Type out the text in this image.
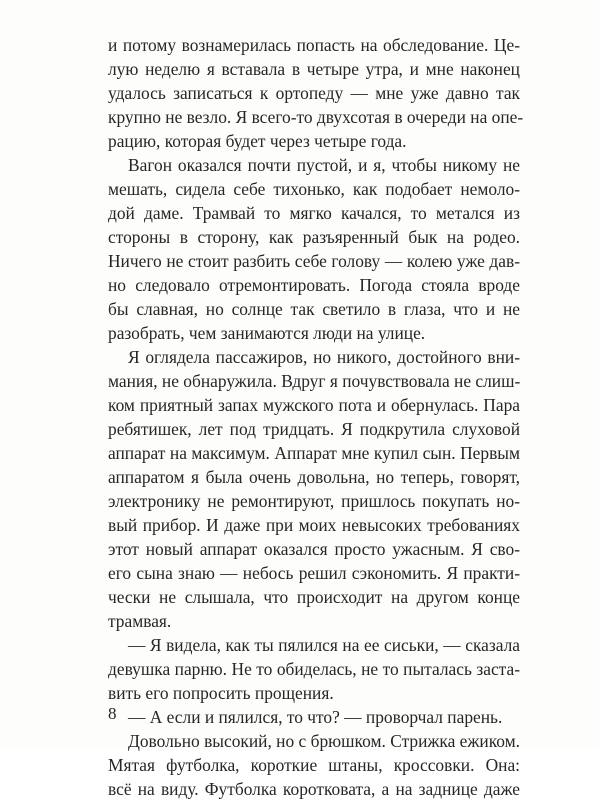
и потому вознамерилась попасть на обследование. Це-
лую неделю я вставала в четыре утра, и мне наконец
удалось записаться к ортопеду — мне уже давно так
крупно не везло. Я всего-то двухсотая в очереди на опе-
рацию, которая будет через четыре года.
Вагон оказался почти пустой, и я, чтобы никому не
мешать, сидела себе тихонько, как подобает немоло-
дой даме. Трамвай то мягко качался, то метался из
стороны в сторону, как разъяренный бык на родео.
Ничего не стоит разбить себе голову — колею уже дав-
но следовало отремонтировать. Погода стояла вроде
бы славная, но солнце так светило в глаза, что и не
разобрать, чем занимаются люди на улице.
Я оглядела пассажиров, но никого, достойного вни-
мания, не обнаружила. Вдруг я почувствовала не слиш-
ком приятный запах мужского пота и обернулась. Пара
ребятишек, лет под тридцать. Я подкрутила слуховой
аппарат на максимум. Аппарат мне купил сын. Первым
аппаратом я была очень довольна, но теперь, говорят,
электронику не ремонтируют, пришлось покупать но-
вый прибор. И даже при моих невысоких требованиях
этот новый аппарат оказался просто ужасным. Я сво-
его сына знаю — небось решил сэкономить. Я практи-
чески не слышала, что происходит на другом конце
трамвая.
— Я видела, как ты пялился на ее сиськи, — сказала
девушка парню. Не то обиделась, не то пыталась заста-
вить его попросить прощения.
— А если и пялился, то что? — проворчал парень.
Довольно высокий, но с брюшком. Стрижка ежиком.
Мятая футболка, короткие штаны, кроссовки. Она:
всё на виду. Футболка коротковата, а на заднице даже
8
